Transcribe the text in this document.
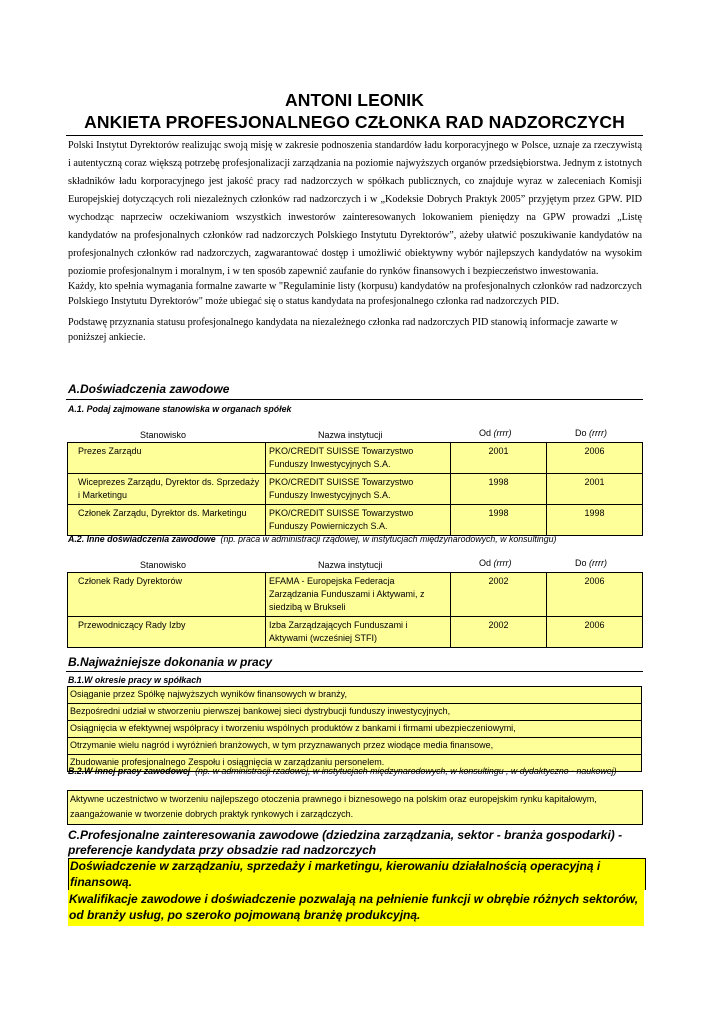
ANTONI LEONIK
ANKIETA PROFESJONALNEGO CZŁONKA RAD NADZORCZYCH

Polski Instytut Dyrektorów realizując swoją misję w zakresie podnoszenia standardów ładu korporacyjnego w Polsce, uznaje za rzeczywistą i autentyczną coraz większą potrzebę profesjonalizacji zarządzania na poziomie najwyższych organów przedsiębiorstwa. Jednym z istotnych składników ładu korporacyjnego jest jakość pracy rad nadzorczych w spółkach publicznych, co znajduje wyraz w zaleceniach Komisji Europejskiej dotyczących roli niezależnych członków rad nadzorczych i w „Kodeksie Dobrych Praktyk 2005” przyjętym przez GPW. PID wychodząc naprzeciw oczekiwaniom wszystkich inwestorów zainteresowanych lokowaniem pieniędzy na GPW prowadzi „Listę kandydatów na profesjonalnych członków rad nadzorczych Polskiego Instytutu Dyrektorów”, ażeby ułatwić poszukiwanie kandydatów na profesjonalnych członków rad nadzorczych, zagwarantować dostęp i umożliwić obiektywny wybór najlepszych kandydatów na wysokim poziomie profesjonalnym i moralnym, i w ten sposób zapewnić zaufanie do rynków finansowych i bezpieczeństwo inwestowania.

Każdy, kto spełnia wymagania formalne zawarte w "Regulaminie listy (korpusu) kandydatów na profesjonalnych członków rad nadzorczych Polskiego Instytutu Dyrektorów" może ubiegać się o status kandydata na profesjonalnego członka rad nadzorczych PID.

Podstawę przyznania statusu profesjonalnego kandydata na niezależnego członka rad nadzorczych PID stanowią informacje zawarte w poniższej ankiecie.

A.Doświadczenia zawodowe
A.1. Podaj zajmowane stanowiska w organach spółek
Stanowisko	Nazwa instytucji	Od (rrrr)	Do (rrrr)
Prezes Zarządu	PKO/CREDIT SUISSE Towarzystwo Funduszy Inwestycyjnych S.A.	2001	2006
Wiceprezes Zarządu, Dyrektor ds. Sprzedaży i Marketingu	PKO/CREDIT SUISSE Towarzystwo Funduszy Inwestycyjnych S.A.	1998	2001
Członek Zarządu, Dyrektor ds. Marketingu	PKO/CREDIT SUISSE Towarzystwo Funduszy Powierniczych S.A.	1998	1998
A.2. Inne doświadczenia zawodowe (np. praca w administracji rządowej, w instytucjach międzynarodowych, w konsultingu)
Stanowisko	Nazwa instytucji	Od (rrrr)	Do (rrrr)
Członek Rady Dyrektorów	EFAMA - Europejska Federacja Zarządzania Funduszami i Aktywami, z siedzibą w Brukseli	2002	2006
Przewodniczący Rady Izby	Izba Zarządzających Funduszami i Aktywami (wcześniej STFI)	2002	2006
B.Najważniejsze dokonania w pracy
B.1.W okresie pracy w spółkach
Osiąganie przez Spółkę najwyższych wyników finansowych w branży,
Bezpośredni udział w stworzeniu pierwszej bankowej sieci dystrybucji funduszy inwestycyjnych,
Osiągnięcia w efektywnej współpracy i tworzeniu wspólnych produktów z bankami i firmami ubezpieczeniowymi,
Otrzymanie wielu nagród i wyróżnień branżowych, w tym przyznawanych przez wiodące media finansowe,
Zbudowanie profesjonalnego Zespołu i osiągnięcia w zarządzaniu personelem.
B.2.W innej pracy zawodowej (np. w administracji rzadowej, w instytucjach międzynarodowych, w konsultingu , w dydaktyczno - naukowej)
Aktywne uczestnictwo w tworzeniu najlepszego otoczenia prawnego i biznesowego na polskim oraz europejskim rynku kapitałowym, zaangażowanie w tworzenie dobrych praktyk rynkowych i zarządczych.
C.Profesjonalne zainteresowania zawodowe (dziedzina zarządzania, sektor - branża gospodarki) - preferencje kandydata przy obsadzie rad nadzorczych
Doświadczenie w zarządzaniu, sprzedaży i marketingu, kierowaniu działalnością operacyjną i finansową.
Kwalifikacje zawodowe i doświadczenie pozwalają na pełnienie funkcji w obrębie różnych sektorów, od branży usług, po szeroko pojmowaną branżę produkcyjną.
